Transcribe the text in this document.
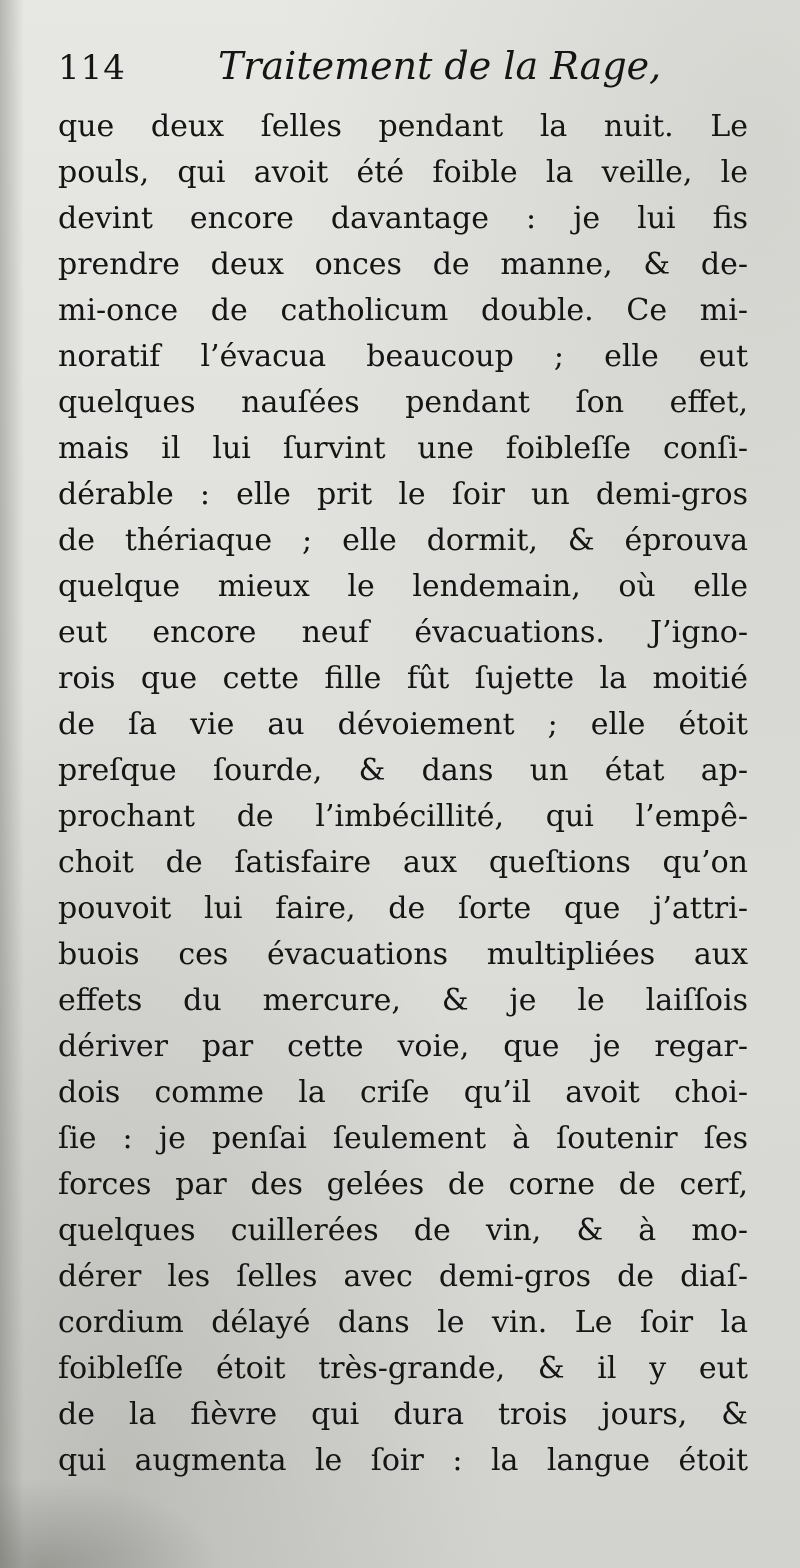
114 Traitement de la Rage,
que deux ſelles pendant la nuit. Le
pouls, qui avoit été foible la veille, le
devint encore davantage : je lui fis
prendre deux onces de manne, & de-
mi-once de catholicum double. Ce mi-
noratif l’évacua beaucoup ; elle eut
quelques nauſées pendant ſon effet,
mais il lui ſurvint une foibleſſe conſi-
dérable : elle prit le ſoir un demi-gros
de thériaque ; elle dormit, & éprouva
quelque mieux le lendemain, où elle
eut encore neuf évacuations. J’igno-
rois que cette fille fût ſujette la moitié
de ſa vie au dévoiement ; elle étoit
preſque ſourde, & dans un état ap-
prochant de l’imbécillité, qui l’empê-
choit de ſatisfaire aux queſtions qu’on
pouvoit lui faire, de ſorte que j’attri-
buois ces évacuations multipliées aux
effets du mercure, & je le laiſſois
dériver par cette voie, que je regar-
dois comme la criſe qu’il avoit choi-
ſie : je penſai ſeulement à ſoutenir ſes
forces par des gelées de corne de cerf,
quelques cuillerées de vin, & à mo-
dérer les ſelles avec demi-gros de diaſ-
cordium délayé dans le vin. Le ſoir la
foibleſſe étoit très-grande, & il y eut
de la fièvre qui dura trois jours, &
qui augmenta le ſoir : la langue étoit
